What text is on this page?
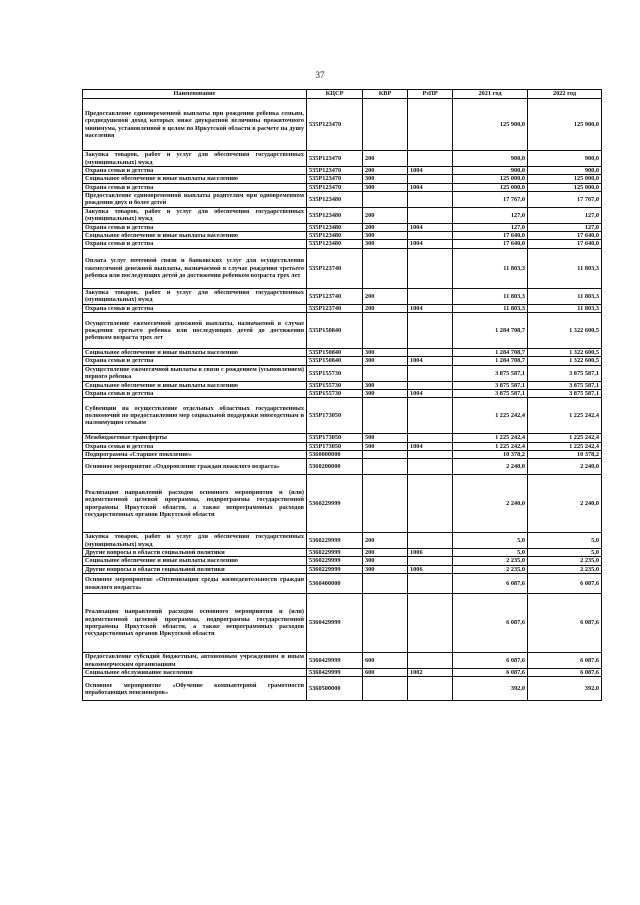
37
Наименование	КЦСР	КВР	РзПР	2021 год	2022 год
Предоставление единовременной выплаты при рождении ребенка семьям, среднедушевой доход которых ниже двукратной величины прожиточного минимума, установленной в целом по Иркутской области в расчете на душу населения	535Р123470			125 900,0	125 900,0
Закупка товаров, работ и услуг для обеспечения государственных (муниципальных) нужд	535Р123470	200		900,0	900,0
Охрана семьи и детства	535Р123470	200	1004	900,0	900,0
Социальное обеспечение и иные выплаты населению	535Р123470	300		125 000,0	125 000,0
Охрана семьи и детства	535Р123470	300	1004	125 000,0	125 000,0
Предоставление единовременной выплаты родителям при одновременном рождении двух и более детей	535Р123480			17 767,0	17 767,0
Закупка товаров, работ и услуг для обеспечения государственных (муниципальных) нужд	535Р123480	200		127,0	127,0
Охрана семьи и детства	535Р123480	200	1004	127,0	127,0
Социальное обеспечение и иные выплаты населению	535Р123480	300		17 640,0	17 640,0
Охрана семьи и детства	535Р123480	300	1004	17 640,0	17 640,0
Оплата услуг почтовой связи и банковских услуг для осуществления ежемесячной денежной выплаты, назначаемой в случае рождения третьего ребенка или последующих детей до достижения ребенком возраста трех лет	535Р123740			11 803,3	11 803,3
Закупка товаров, работ и услуг для обеспечения государственных (муниципальных) нужд	535Р123740	200		11 803,3	11 803,3
Охрана семьи и детства	535Р123740	200	1004	11 803,3	11 803,3
Осуществление ежемесячной денежной выплаты, назначаемой в случае рождения третьего ребенка или последующих детей до достижения ребенком возраста трех лет	535Р150840			1 284 708,7	1 322 600,5
Социальное обеспечение и иные выплаты населению	535Р150840	300		1 284 708,7	1 322 600,5
Охрана семьи и детства	535Р150840	300	1004	1 284 708,7	1 322 600,5
Осуществление ежемесячной выплаты в связи с рождением (усыновлением) первого ребенка	535Р155730			3 875 587,1	3 875 587,1
Социальное обеспечение и иные выплаты населению	535Р155730	300		3 875 587,1	3 875 587,1
Охрана семьи и детства	535Р155730	300	1004	3 875 587,1	3 875 587,1
Субвенции на осуществление отдельных областных государственных полномочий по предоставлению мер социальной поддержки многодетным и малоимущим семьям	535Р173050			1 225 242,4	1 225 242,4
Межбюджетные трансферты	535Р173050	500		1 225 242,4	1 225 242,4
Охрана семьи и детства	535Р173050	500	1004	1 225 242,4	1 225 242,4
Подпрограмма «Старшее поколение»	5360000000			10 378,2	10 378,2
Основное мероприятие «Оздоровление граждан пожилого возраста»	5360200000			2 240,0	2 240,0
Реализация направлений расходов основного мероприятия и (или) ведомственной целевой программы, подпрограммы государственной программы Иркутской области, а также непрограммных расходов государственных органов Иркутской области	5360229999			2 240,0	2 240,0
Закупка товаров, работ и услуг для обеспечения государственных (муниципальных) нужд	5360229999	200		5,0	5,0
Другие вопросы в области социальной политики	5360229999	200	1006	5,0	5,0
Социальное обеспечение и иные выплаты населению	5360229999	300		2 235,0	2 235,0
Другие вопросы в области социальной политики	5360229999	300	1006	2 235,0	2 235,0
Основное мероприятие «Оптимизация среды жизнедеятельности граждан пожилого возраста»	5360400000			6 087,6	6 087,6
Реализация направлений расходов основного мероприятия и (или) ведомственной целевой программы, подпрограммы государственной программы Иркутской области, а также непрограммных расходов государственных органов Иркутской области	5360429999			6 087,6	6 087,6
Предоставление субсидий бюджетным, автономным учреждениям и иным некоммерческим организациям	5360429999	600		6 087,6	6 087,6
Социальное обслуживание населения	5360429999	600	1002	6 087,6	6 087,6
Основное мероприятие «Обучение компьютерной грамотности неработающих пенсионеров»	5360500000			392,0	392,0
